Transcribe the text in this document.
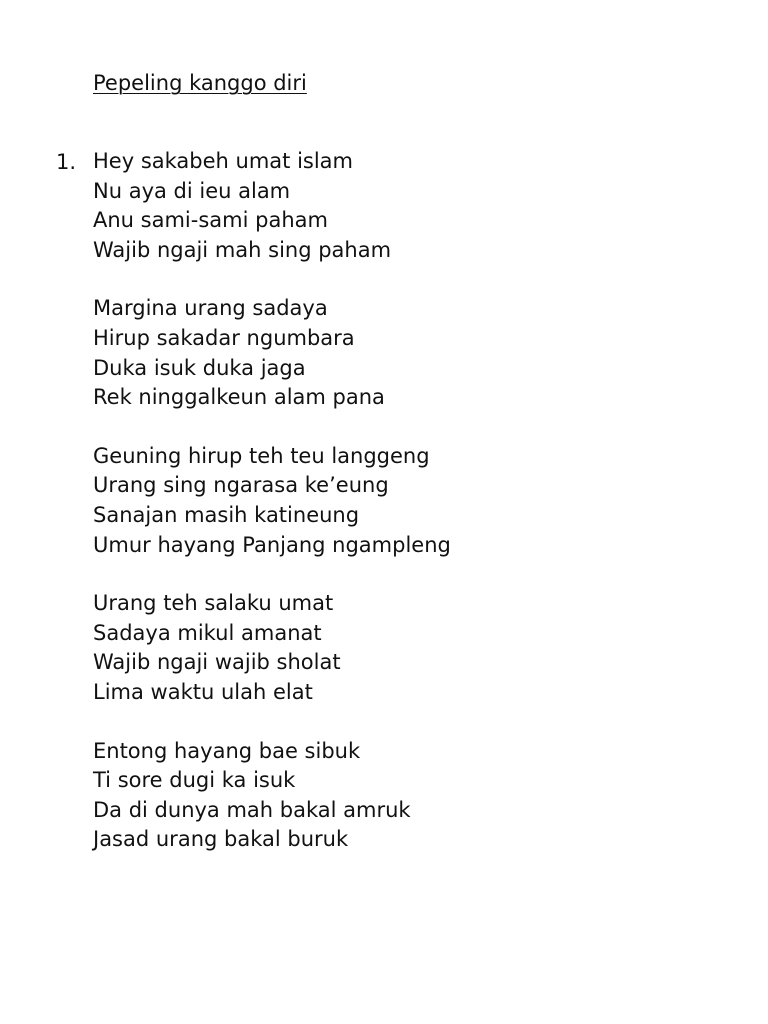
Pepeling kanggo diri
1. Hey sakabeh umat islam
Nu aya di ieu alam
Anu sami-sami paham
Wajib ngaji mah sing paham
Margina urang sadaya
Hirup sakadar ngumbara
Duka isuk duka jaga
Rek ninggalkeun alam pana
Geuning hirup teh teu langgeng
Urang sing ngarasa ke’eung
Sanajan masih katineung
Umur hayang Panjang ngampleng
Urang teh salaku umat
Sadaya mikul amanat
Wajib ngaji wajib sholat
Lima waktu ulah elat
Entong hayang bae sibuk
Ti sore dugi ka isuk
Da di dunya mah bakal amruk
Jasad urang bakal buruk
